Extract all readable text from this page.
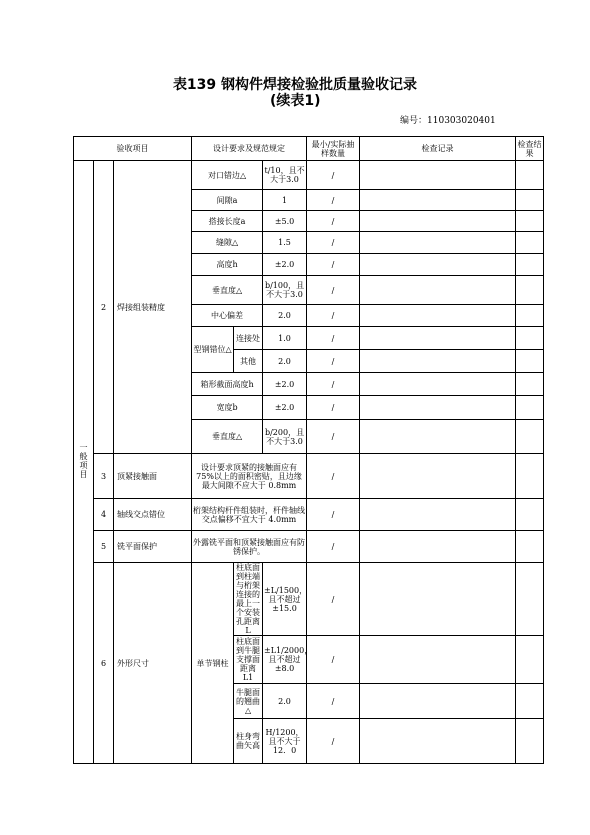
表139 钢构件焊接检验批质量验收记录
(续表1)
编号：110303020401
验收项目			设计要求及规范规定			最小/实际抽样数量	检查记录	检查结果
一般项目	2	焊接组装精度	对口错边△		t/10，且不大于3.0	/		
			间隙a		1	/		
			搭接长度a		±5.0	/		
			缝隙△		1.5	/		
			高度h		±2.0	/		
			垂直度△		b/100，且不大于3.0	/		
			中心偏差		2.0	/		
			型钢错位△	连接处	1.0	/		
				其他	2.0	/		
			箱形截面高度h		±2.0	/		
			宽度b		±2.0	/		
			垂直度△		b/200，且不大于3.0	/		
	3	顶紧接触面	设计要求顶紧的接触面应有75%以上的面积密贴，且边缘最大间隙不应大于 0.8mm			/		
	4	轴线交点错位	桁架结构杆件组装时，杆件轴线交点偏移不宜大于 4.0mm			/		
	5	铣平面保护	外露铣平面和顶紧接触面应有防锈保护。			/		
	6	外形尺寸	单节钢柱	柱底面到柱端与桁架连接的最上一个安装孔距离L	±L/1500，且不超过±15.0	/		
				柱底面到牛腿支撑面距离L1	±L1/2000，且不超过±8.0	/		
				牛腿面的翘曲△	2.0	/		
				柱身弯曲矢高	H/1200，且不大于12．0	/		
